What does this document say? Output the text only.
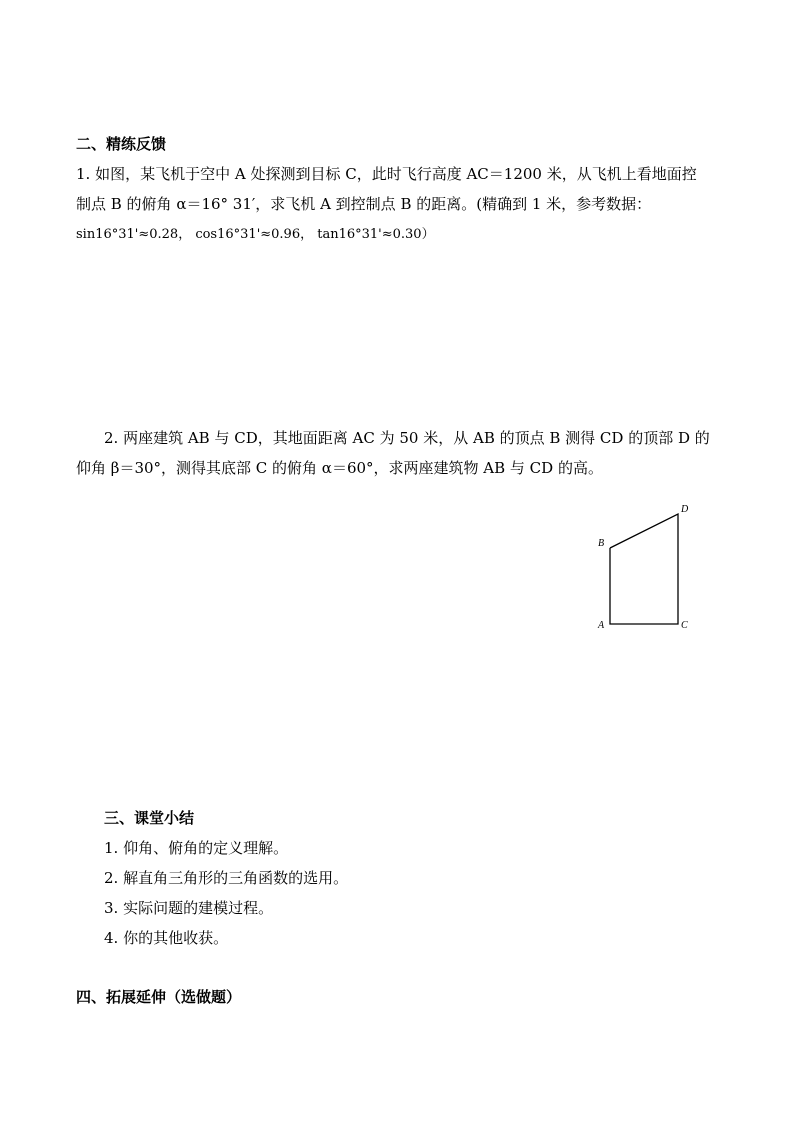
二、精练反馈
1. 如图，某飞机于空中 A 处探测到目标 C，此时飞行高度 AC＝1200 米，从飞机上看地面控
制点 B 的俯角 α＝16° 31′，求飞机 A 到控制点 B 的距离。(精确到 1 米，参考数据：
sin16°31'≈0.28， cos16°31'≈0.96， tan16°31'≈0.30）
2. 两座建筑 AB 与 CD，其地面距离 AC 为 50 米，从 AB 的顶点 B 测得 CD 的顶部 D 的
仰角 β＝30°，测得其底部 C 的俯角 α＝60°，求两座建筑物 AB 与 CD 的高。
A
B
C
D
三、课堂小结
1. 仰角、俯角的定义理解。
2. 解直角三角形的三角函数的选用。
3. 实际问题的建模过程。
4. 你的其他收获。
四、拓展延伸（选做题）
